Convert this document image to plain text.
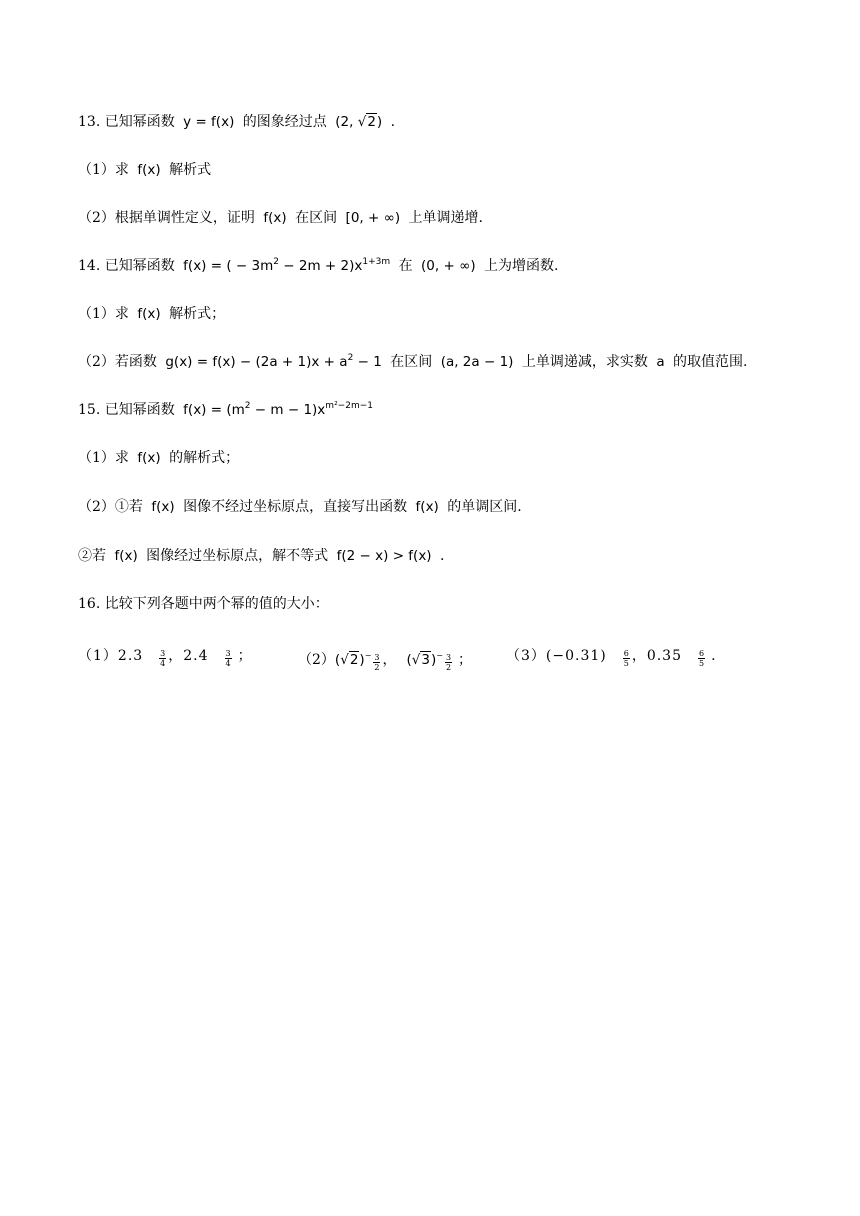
13. 已知幂函数 y = f(x) 的图象经过点 (2, √2) .
（1）求 f(x) 解析式
（2）根据单调性定义，证明 f(x) 在区间 [0, + ∞) 上单调递增.
14. 已知幂函数 f(x) = ( − $3m^2 - 2m + 2)x^{1+3m}$ 在 (0, + ∞) 上为增函数.
（1）求 f(x) 解析式；
（2）若函数 $g(x) = f(x) - (2a + 1)x + a^2 - 1$ 在区间 (a, 2a − 1) 上单调递减，求实数 a 的取值范围.
15. 已知幂函数 $f(x) = (m^2 - m - 1)x^{m^2-2m-1}$
（1）求 f(x) 的解析式；
（2）①若 f(x) 图像不经过坐标原点，直接写出函数 f(x) 的单调区间.
②若 f(x) 图像经过坐标原点，解不等式 f(2 − x) > f(x) .
16. 比较下列各题中两个幂的值的大小：
$(1)2.3 \frac{3}{4}$ ，$2.4 \frac{3}{4}$ ；	$(2)(√2)^- \frac{3}{2}$ ， $(√3)^- \frac{3}{2}$ ； $(3)(-0.31) \frac{6}{5}$ ，$0.35 \frac{6}{5}$ .
